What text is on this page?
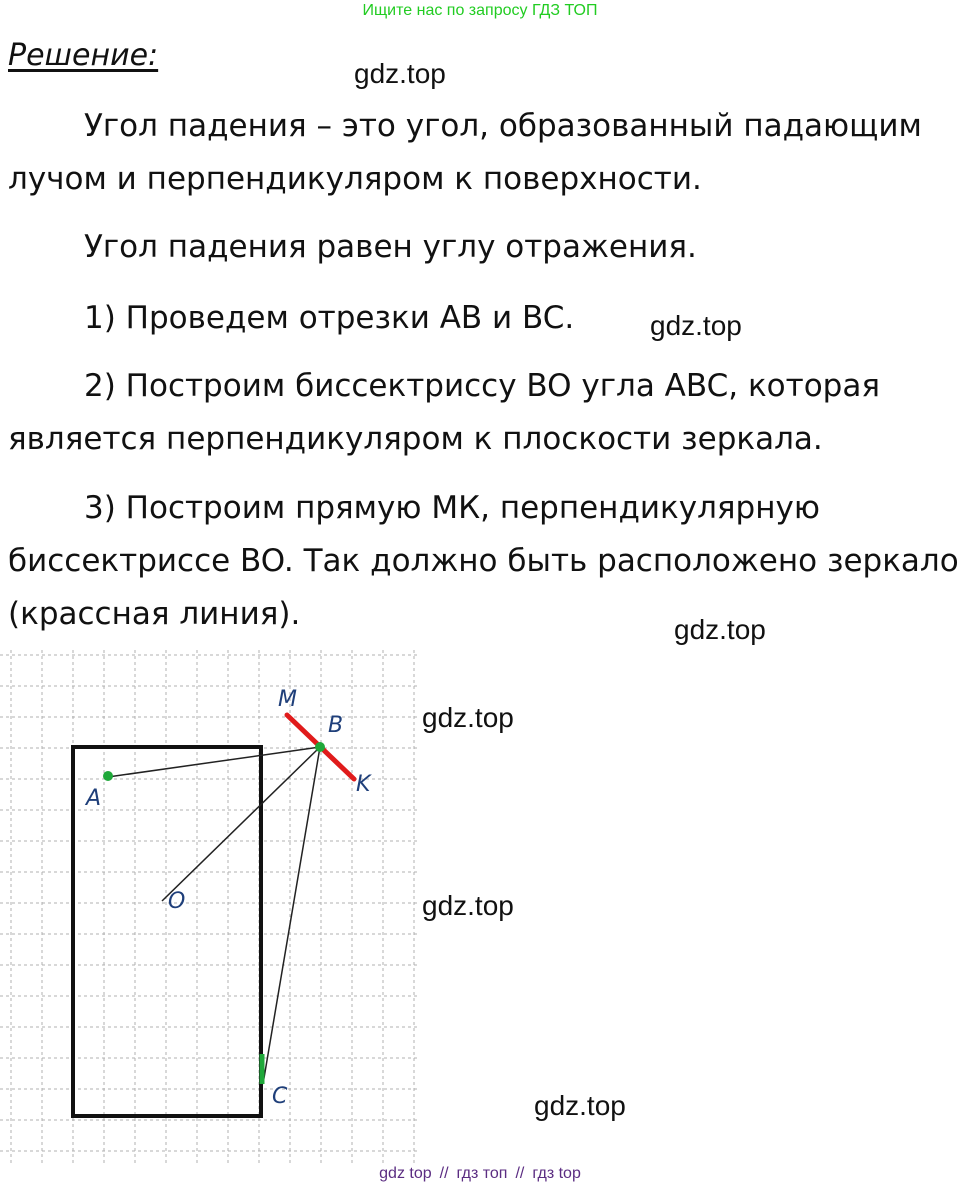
Ищите нас по запросу ГДЗ ТОП
Решение:

Угол падения – это угол, образованный падающим
лучом и перпендикуляром к поверхности.

Угол падения равен углу отражения.

1) Проведем отрезки AB и BC.

2) Построим биссектриссу BO угла ABC, которая
является перпендикуляром к плоскости зеркала.

3) Построим прямую МК, перпендикулярную
биссектриссе BO. Так должно быть расположено зеркало
(крассная линия).

gdz.top
gdz.top
gdz.top
gdz.top
gdz.top
gdz.top
A
B
C
O
M
K
gdz top // гдз топ // гдз top
